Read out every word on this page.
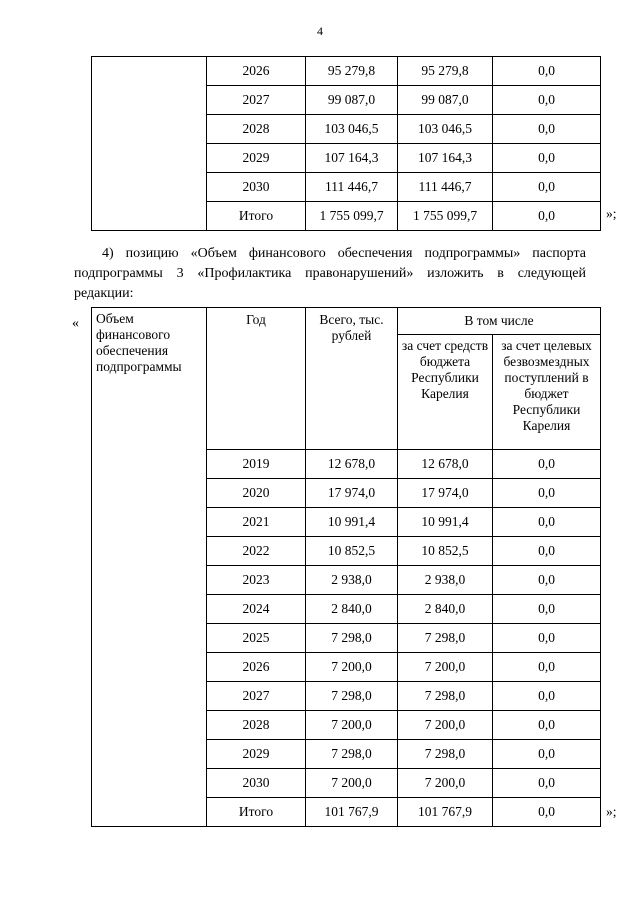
4
	2026	95 279,8	95 279,8	0,0
	2027	99 087,0	99 087,0	0,0
	2028	103 046,5	103 046,5	0,0
	2029	107 164,3	107 164,3	0,0
	2030	111 446,7	111 446,7	0,0
	Итого	1 755 099,7	1 755 099,7	0,0	»;
4) позицию «Объем финансового обеспечения подпрограммы» паспорта подпрограммы 3 «Профилактика правонарушений» изложить в следующей редакции:
« Объем финансового обеспечения подпрограммы	Год	Всего, тыс. рублей	В том числе	
			за счет средств бюджета Республики Карелия	за счет целевых безвозмездных поступлений в бюджет Республики Карелия
	2019	12 678,0	12 678,0	0,0
	2020	17 974,0	17 974,0	0,0
	2021	10 991,4	10 991,4	0,0
	2022	10 852,5	10 852,5	0,0
	2023	2 938,0	2 938,0	0,0
	2024	2 840,0	2 840,0	0,0
	2025	7 298,0	7 298,0	0,0
	2026	7 200,0	7 200,0	0,0
	2027	7 298,0	7 298,0	0,0
	2028	7 200,0	7 200,0	0,0
	2029	7 298,0	7 298,0	0,0
	2030	7 200,0	7 200,0	0,0
	Итого	101 767,9	101 767,9	0,0	»;
